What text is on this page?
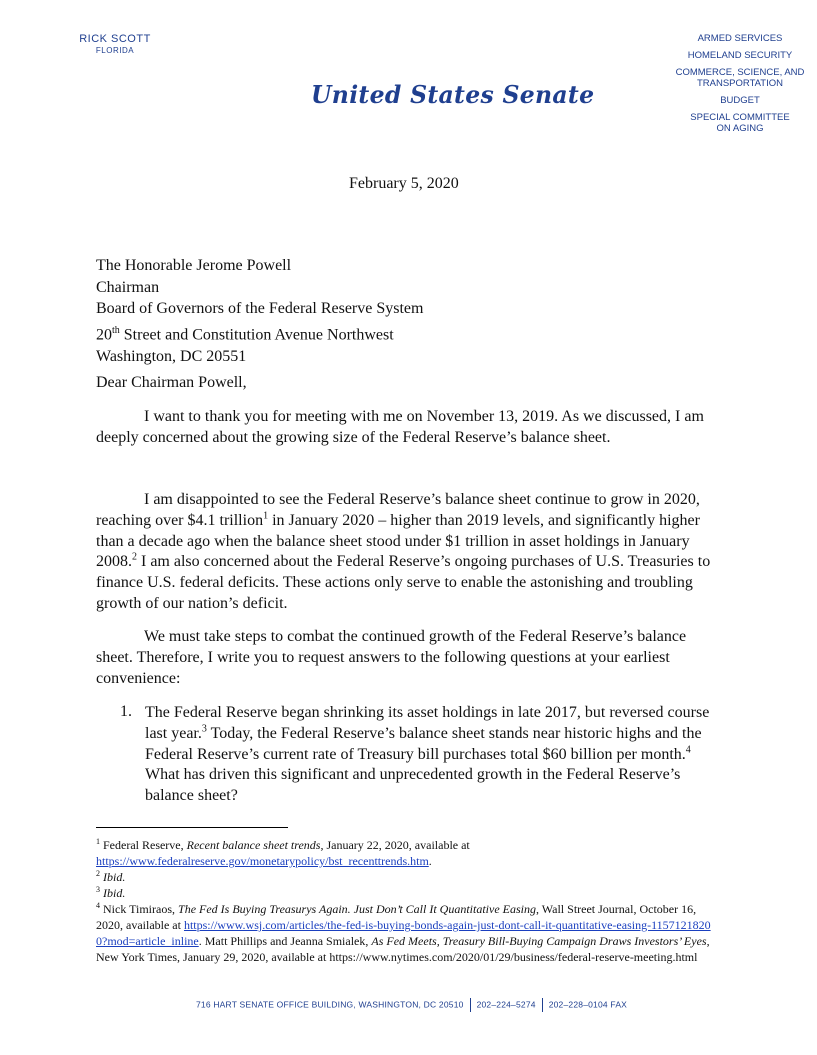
RICK SCOTT
FLORIDA
United States Senate
ARMED SERVICES
HOMELAND SECURITY
COMMERCE, SCIENCE, AND
TRANSPORTATION
BUDGET
SPECIAL COMMITTEE
ON AGING
February 5, 2020
The Honorable Jerome Powell
Chairman
Board of Governors of the Federal Reserve System
20th Street and Constitution Avenue Northwest
Washington, DC 20551
Dear Chairman Powell,

I want to thank you for meeting with me on November 13, 2019. As we discussed, I am deeply concerned about the growing size of the Federal Reserve’s balance sheet.

I am disappointed to see the Federal Reserve’s balance sheet continue to grow in 2020, reaching over $4.1 trillion$^1$ in January 2020 – higher than 2019 levels, and significantly higher than a decade ago when the balance sheet stood under $1 trillion in asset holdings in January 2008.$^2$ I am also concerned about the Federal Reserve’s ongoing purchases of U.S. Treasuries to finance U.S. federal deficits. These actions only serve to enable the astonishing and troubling growth of our nation’s deficit.

We must take steps to combat the continued growth of the Federal Reserve’s balance sheet. Therefore, I write you to request answers to the following questions at your earliest convenience:

1. The Federal Reserve began shrinking its asset holdings in late 2017, but reversed course last year.$^3$ Today, the Federal Reserve’s balance sheet stands near historic highs and the Federal Reserve’s current rate of Treasury bill purchases total $60 billion per month.$^4$ What has driven this significant and unprecedented growth in the Federal Reserve’s balance sheet?

$^1$ Federal Reserve, Recent balance sheet trends, January 22, 2020, available at
https://www.federalreserve.gov/monetarypolicy/bst_recenttrends.htm.
$^2$ Ibid.
$^3$ Ibid.
$^4$ Nick Timiraos, The Fed Is Buying Treasurys Again. Just Don’t Call It Quantitative Easing, Wall Street Journal, October 16, 2020, available at https://www.wsj.com/articles/the-fed-is-buying-bonds-again-just-dont-call-it-quantitative-easing-11571218200?mod=article_inline. Matt Phillips and Jeanna Smialek, As Fed Meets, Treasury Bill-Buying Campaign Draws Investors’ Eyes, New York Times, January 29, 2020, available at https://www.nytimes.com/2020/01/29/business/federal-reserve-meeting.html
716 HART SENATE OFFICE BUILDING, WASHINGTON, DC 20510 202–224–5274 202–228–0104 FAX
